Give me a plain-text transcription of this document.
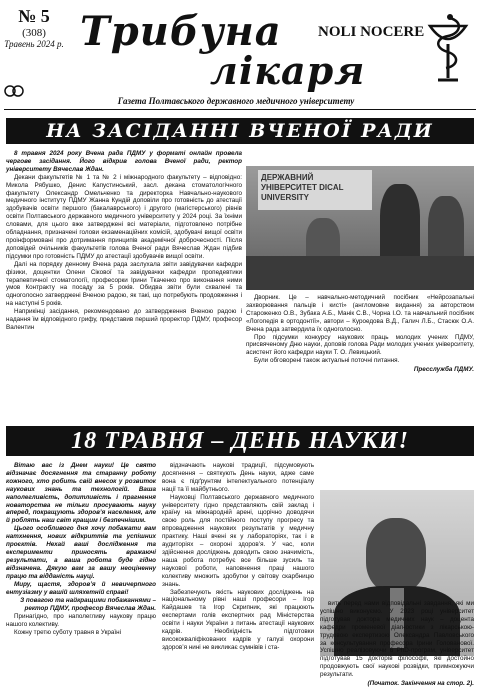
№ 5
(308)
Травень 2024 р. Трибуна NOLI NOCERE
лікаря
Газета Полтавського державного медичного університету
НА ЗАСІДАННІ ВЧЕНОЇ РАДИ

8 травня 2024 року Вчена рада ПДМУ у форматі онлайн провела чергове засідання. Його відкрив голова Вченої ради, ректор університету Вячеслав Ждан.

Декани факультетів № 1 та № 2 і міжнародного факультету – відповідно: Микола Рябушко, Денис Капустинський, засл. декана стоматологічного факультету Олександр Омельченко та директорка Навчально-наукового медичного інституту ПДМУ Жанна Кундій доповіли про готовність до атестації здобувачів освіти першого (бакалаврського) і другого (магістерського) рівнів освіти Полтавського державного медичного університету у 2024 році. За їхніми словами, для цього вже затверджені всі матеріали, підготовлено потрібне обладнання, призначені голови екзаменаційних комісій, здобувачі вищої освіти проінформовані про дотримання принципів академічної доброчесності. Після доповідей очільників факультетів голова Вченої ради Вячеслав Ждан підбив підсумки про готовність ПДМУ до атестації здобувачів вищої освіти.

Далі на порядку денному Вчена рада заслухала звіти завідувачки кафедри фізики, доцентки Олени Сікової та завідувачки кафедри пропедевтики терапевтичної стоматології, професорки Ірини Ткаченко про виконання ними умов Контракту на посаду за 5 років. Обидва звіти були схвалені та одноголосно затверджені Вченою радою, як такі, що потребують продовження і на наступні 5 років.

Наприкінці засідання, рекомендовано до затвердження Вченою радою і надання їм відповідного грифу, представив перший проректор ПДМУ, професор Валентин

ДЕРЖАВНИЙ УНІВЕРСИТЕТ DICAL UNIVERSITY

Дворник. Це – навчально-методичний посібник «Нейрозапальні захворювання пальців і кисті» (англомовне видання) за авторством Староженко О.В., Зубака А.Б., Манік С.В., Чорна І.О. та навчальний посібник «Логопедія в ортодонтії», автори – Куроедова В.Д., Галич Л.Б., Стасюк О.А. Вчена рада затвердила їх одноголосно.

Про підсумки конкурсу наукових праць молодих учених ПДМУ, присвяченому Дню науки, доповів голова Ради молодих учених університету, асистент його кафедри науки Т. О. Левицький.

Були обговорені також актуальні поточні питання.

Пресслужба ПДМУ.
18 ТРАВНЯ – ДЕНЬ НАУКИ!

Вітаю вас із Днем науки! Це свято відзначає досягнення та старанну роботу кожного, хто робить свій внесок у розвиток наукових знань та технологій. Ваша наполегливість, допитливість і прагнення новаторства не тільки просувають науку вперед, покращують здоров’я населення, але й роблять наш світ кращим і безпечнішим.

Цього особливого дня хочу побажати вам натхнення, нових відкриттів та успішних проєктів. Нехай ваші дослідження та експерименти приносять вражаючі результати, а ваша робота буде гідно відзначена. Дякую вам за вашу неоціненну працю та відданість науці.

Миру, щастя, здоров’я й невичерпного ентузіазму у вашій шляхетній справі!

З повагою та найкращими побажаннями – ректор ПДМУ, професор Вячеслав Ждан.

Принагідно, про наполегливу наукову працю нашого колективу.

Кожну третю суботу травня в Україні

відзначають наукові традиції, підсумовують досягнення – святкують День науки, адже саме вона є підґрунтям інтелектуального потенціалу нації та її майбутнього.

Науковці Полтавського державного медичного університету гідно представляють свій заклад і країну на міжнародній арені, щорічно доводячи свою роль для постійного поступу прогресу та впровадження наукових результатів у медичну практику. Наші вчені як у лабораторіях, так і в аудиторіях – охороні здоров’я. У час, коли здійснення досліджень доводить свою значимість, наша робота потребує все більше зусиль та наукової роботи, наповнення праці нашого колективу множить здобутки у світову скарбницю знань.

Забезпечують якість наукових досліджень на національному рівні наші професори – Ігор Кайдашев та Ігор Скрипник, які працюють експертами голів експертних рад Міністерства освіти і науки України з питань атестації наукових кадрів. Необхідність підготовки висококваліфікованих кадрів у галузі охорони здоров’я нині не викликає сумнівів і ста-

вить перед нами відповідальні завдання, які ми успішно виконуємо. У 2023 році університет підготував доктора медичних наук – доцента кафедри променевої діагностики з лікарською-трудовою експертизою Олександра Павловського за консультування професора Ірини Голованової. Успішно реалізовуючи 6 PhD-програм, університет підготував 15 докторів філософії, які достойно продовжують свої наукові розвідки, примножуючи результати.

(Початок. Закінчення на стор. 2).
